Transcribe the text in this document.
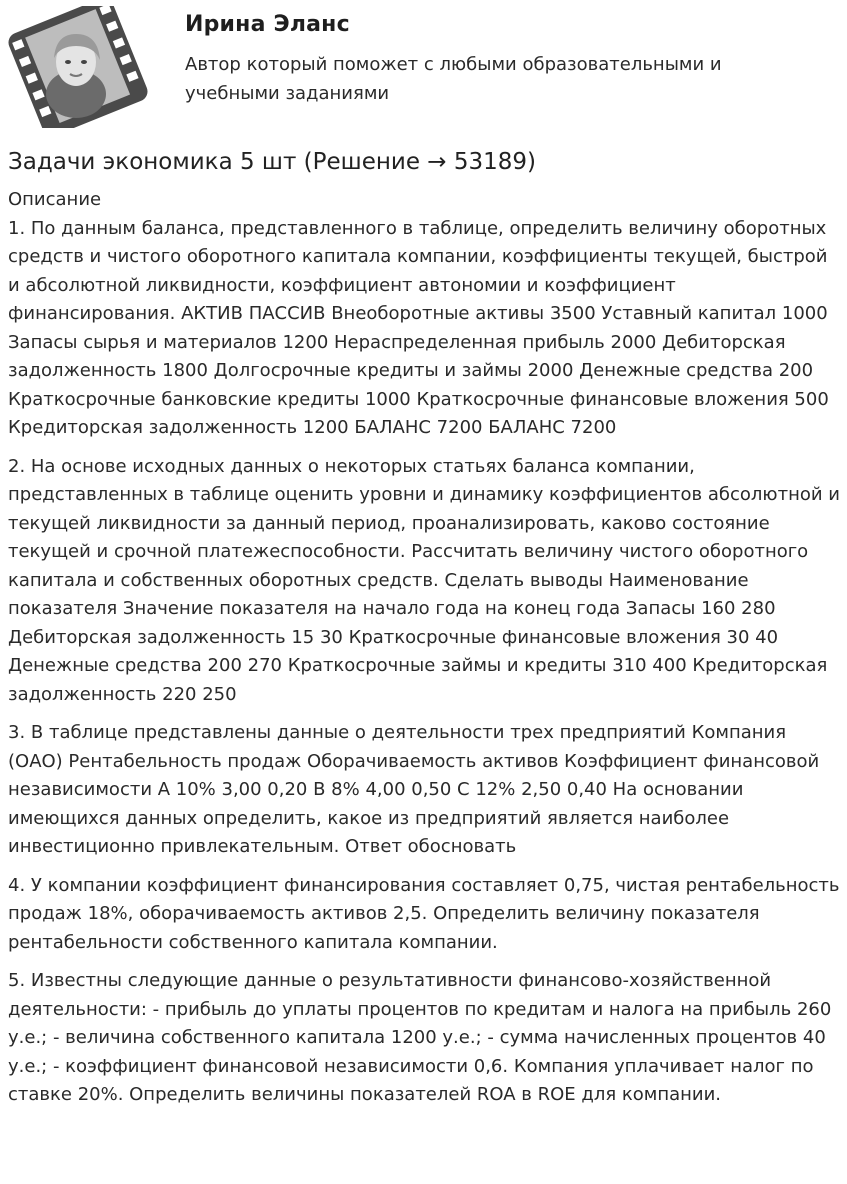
Ирина Эланс
Автор который поможет с любыми образовательными и учебными заданиями
Задачи экономика 5 шт (Решение → 53189)
Описание

1. По данным баланса, представленного в таблице, определить величину оборотных средств и чистого оборотного капитала компании, коэффициенты текущей, быстрой и абсолютной ликвидности, коэффициент автономии и коэффициент финансирования. АКТИВ ПАССИВ Внеоборотные активы 3500 Уставный капитал 1000 Запасы сырья и материалов 1200 Нераспределенная прибыль 2000 Дебиторская задолженность 1800 Долгосрочные кредиты и займы 2000 Денежные средства 200 Краткосрочные банковские кредиты 1000 Краткосрочные финансовые вложения 500 Кредиторская задолженность 1200 БАЛАНС 7200 БАЛАНС 7200

2. На основе исходных данных о некоторых статьях баланса компании, представленных в таблице оценить уровни и динамику коэффициентов абсолютной и текущей ликвидности за данный период, проанализировать, каково состояние текущей и срочной платежеспособности. Рассчитать величину чистого оборотного капитала и собственных оборотных средств. Сделать выводы Наименование показателя Значение показателя на начало года на конец года Запасы 160 280 Дебиторская задолженность 15 30 Краткосрочные финансовые вложения 30 40 Денежные средства 200 270 Краткосрочные займы и кредиты 310 400 Кредиторская задолженность 220 250

3. В таблице представлены данные о деятельности трех предприятий Компания (ОАО) Рентабельность продаж Оборачиваемость активов Коэффициент финансовой независимости А 10% 3,00 0,20 В 8% 4,00 0,50 С 12% 2,50 0,40 На основании имеющихся данных определить, какое из предприятий является наиболее инвестиционно привлекательным. Ответ обосновать

4. У компании коэффициент финансирования составляет 0,75, чистая рентабельность продаж 18%, оборачиваемость активов 2,5. Определить величину показателя рентабельности собственного капитала компании.

5. Известны следующие данные о результативности финансово-хозяйственной деятельности: - прибыль до уплаты процентов по кредитам и налога на прибыль 260 у.е.; - величина собственного капитала 1200 у.е.; - сумма начисленных процентов 40 у.е.; - коэффициент финансовой независимости 0,6. Компания уплачивает налог по ставке 20%. Определить величины показателей ROA в ROE для компании.
